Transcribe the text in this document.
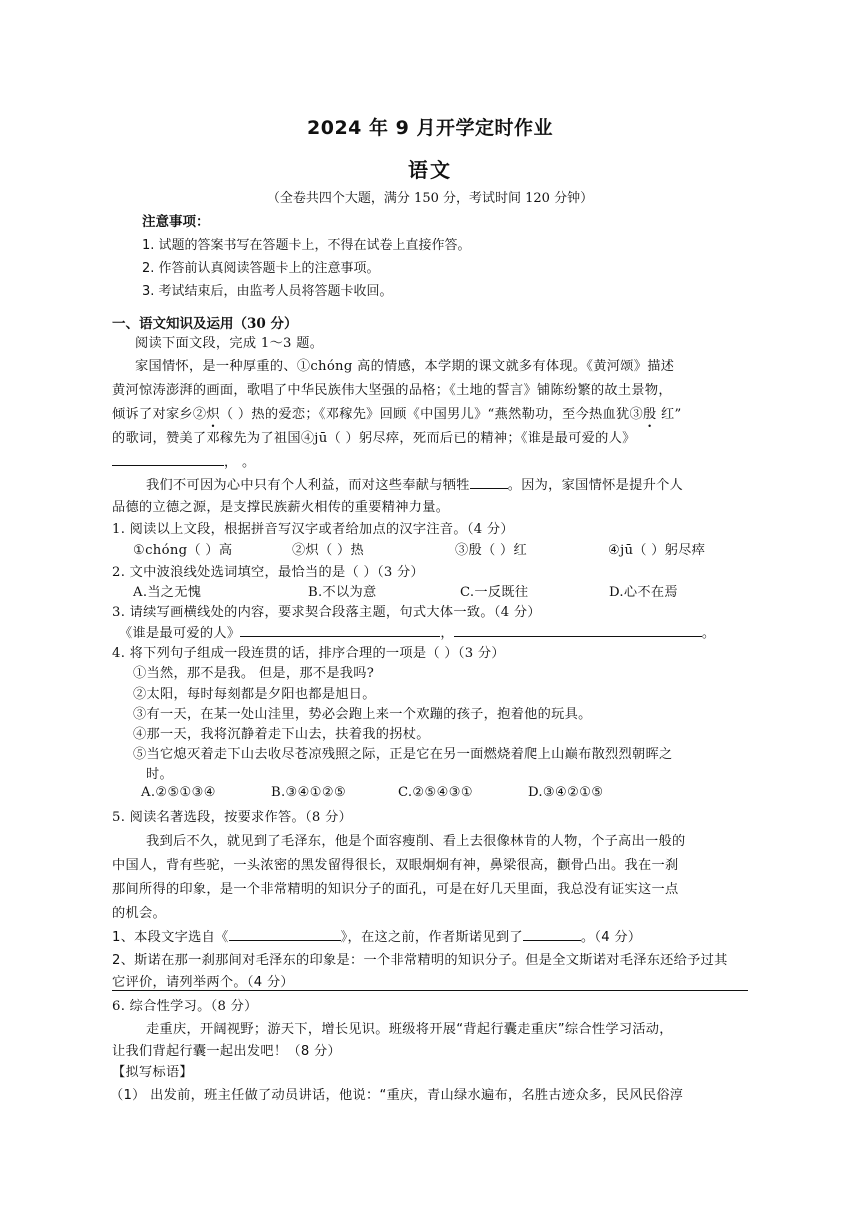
2024 年 9 月开学定时作业
语文
（全卷共四个大题，满分 150 分，考试时间 120 分钟）
注意事项：
1. 试题的答案书写在答题卡上，不得在试卷上直接作答。
2. 作答前认真阅读答题卡上的注意事项。
3. 考试结束后，由监考人员将答题卡收回。
一、语文知识及运用（30 分）
阅读下面文段，完成 1～3 题。
家国情怀，是一种厚重的、①chóng 高的情感，本学期的课文就多有体现。《黄河颂》描述
黄河惊涛澎湃的画面，歌唱了中华民族伟大坚强的品格；《土地的誓言》铺陈纷繁的故土景物，
倾诉了对家乡②炽（ ）热的爱恋；《邓稼先》回顾《中国男儿》“燕然勒功，至今热血犹③殷 红”
的歌词，赞美了邓稼先为了祖国④jū（ ）躬尽瘁，死而后已的精神；《谁是最可爱的人》
， 。
我们不可因为心中只有个人利益，而对这些奉献与牺牲	。因为，家国情怀是提升个人
品德的立德之源，是支撑民族薪火相传的重要精神力量。
1. 阅读以上文段，根据拼音写汉字或者给加点的汉字注音。（4 分）
①chóng（ ）高	②炽（ ）热	③殷（ ）红	④jū（ ）躬尽瘁
2. 文中波浪线处选词填空，最恰当的是（ ）（3 分）
A.当之无愧	B.不以为意	C.一反既往	D.心不在焉
3. 请续写画横线处的内容，要求契合段落主题，句式大体一致。（4 分）
《谁是最可爱的人》	，	。
4. 将下列句子组成一段连贯的话，排序合理的一项是（ ）（3 分）
①当然，那不是我。 但是，那不是我吗?
②太阳，每时每刻都是夕阳也都是旭日。
③有一天，在某一处山洼里，势必会跑上来一个欢蹦的孩子，抱着他的玩具。
④那一天，我将沉静着走下山去，扶着我的拐杖。
⑤当它熄灭着走下山去收尽苍凉残照之际，正是它在另一面燃烧着爬上山巅布散烈烈朝晖之
时。
A.②⑤①③④	B.③④①②⑤	C.②⑤④③①	D.③④②①⑤
5. 阅读名著选段，按要求作答。（8 分）
我到后不久，就见到了毛泽东，他是个面容瘦削、看上去很像林肯的人物，个子高出一般的
中国人，背有些驼，一头浓密的黑发留得很长，双眼炯炯有神，鼻梁很高，颧骨凸出。我在一刹
那间所得的印象，是一个非常精明的知识分子的面孔，可是在好几天里面，我总没有证实这一点
的机会。
1、本段文字选自《	》，在这之前，作者斯诺见到了	。（4 分）
2、斯诺在那一刹那间对毛泽东的印象是：一个非常精明的知识分子。但是全文斯诺对毛泽东还给予过其
它评价，请列举两个。（4 分）
6. 综合性学习。（8 分）
走重庆，开阔视野；游天下，增长见识。班级将开展“背起行囊走重庆”综合性学习活动，
让我们背起行囊一起出发吧！（8 分）
【拟写标语】
（1） 出发前，班主任做了动员讲话，他说：“重庆，青山绿水遍布，名胜古迹众多，民风民俗淳
